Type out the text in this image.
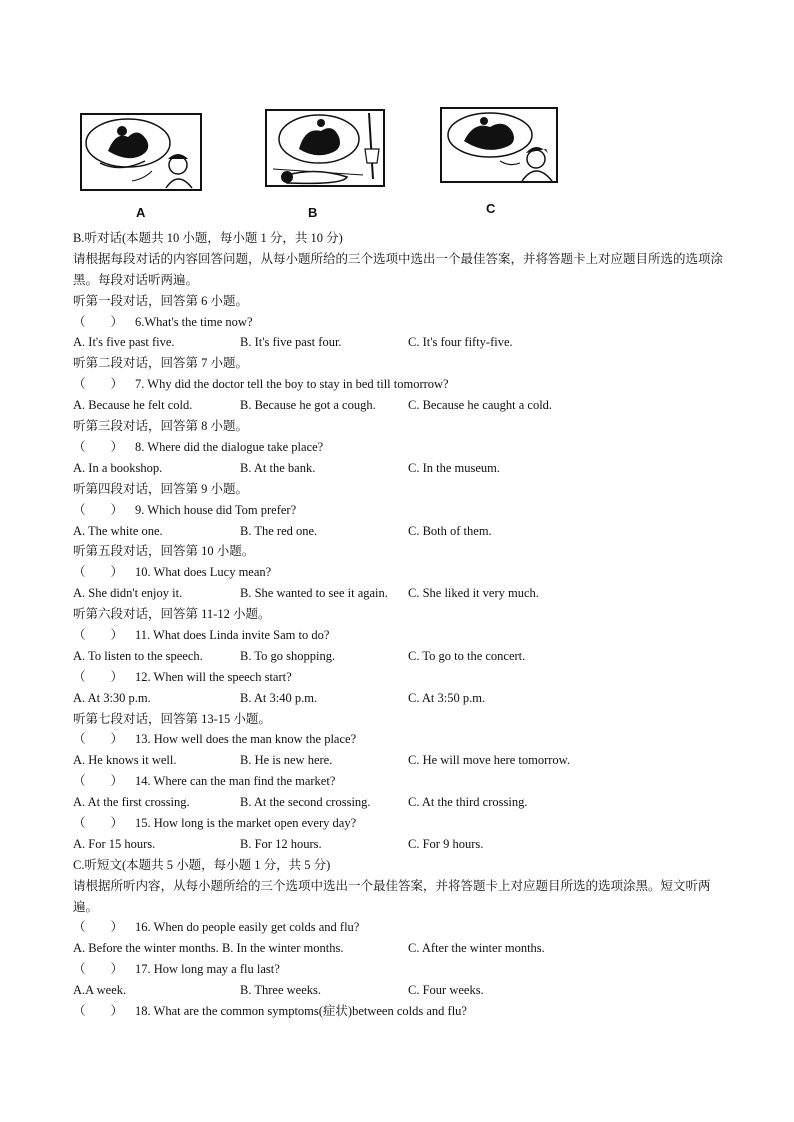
A	B	C
B.听对话(本题共 10 小题，每小题 1 分，共 10 分)
请根据每段对话的内容回答问题，从每小题所给的三个选项中选出一个最佳答案，并将答题卡上对应题目所选的选项涂黑。每段对话听两遍。
听第一段对话，回答第 6 小题。
（　　） 6.What's the time now?
A. It's five past five.	B. It's five past four.	C. It's four fifty-five.
听第二段对话，回答第 7 小题。
（　　） 7. Why did the doctor tell the boy to stay in bed till tomorrow?
A. Because he felt cold.	B. Because he got a cough.	C. Because he caught a cold.
听第三段对话，回答第 8 小题。
（　　） 8. Where did the dialogue take place?
A. In a bookshop.	B. At the bank.	C. In the museum.
听第四段对话，回答第 9 小题。
（　　） 9. Which house did Tom prefer?
A. The white one.	B. The red one.	C. Both of them.
听第五段对话，回答第 10 小题。
（　　） 10. What does Lucy mean?
A. She didn't enjoy it.	B. She wanted to see it again.	C. She liked it very much.
听第六段对话，回答第 11-12 小题。
（　　） 11. What does Linda invite Sam to do?
A. To listen to the speech.	B. To go shopping.	C. To go to the concert.
（　　） 12. When will the speech start?
A. At 3:30 p.m.	B. At 3:40 p.m.	C. At 3:50 p.m.
听第七段对话，回答第 13-15 小题。
（　　） 13. How well does the man know the place?
A. He knows it well.	B. He is new here.	C. He will move here tomorrow.
（　　） 14. Where can the man find the market?
A. At the first crossing.	B. At the second crossing.	C. At the third crossing.
（　　） 15. How long is the market open every day?
A. For 15 hours.	B. For 12 hours.	C. For 9 hours.
C.听短文(本题共 5 小题，每小题 1 分，共 5 分)
请根据所听内容，从每小题所给的三个选项中选出一个最佳答案，并将答题卡上对应题目所选的选项涂黑。短文听两遍。
（　　） 16. When do people easily get colds and flu?
A. Before the winter months. B. In the winter months.	C. After the winter months.
（　　） 17. How long may a flu last?
A.A week.	B. Three weeks.	C. Four weeks.
（　　） 18. What are the common symptoms(症状)between colds and flu?
